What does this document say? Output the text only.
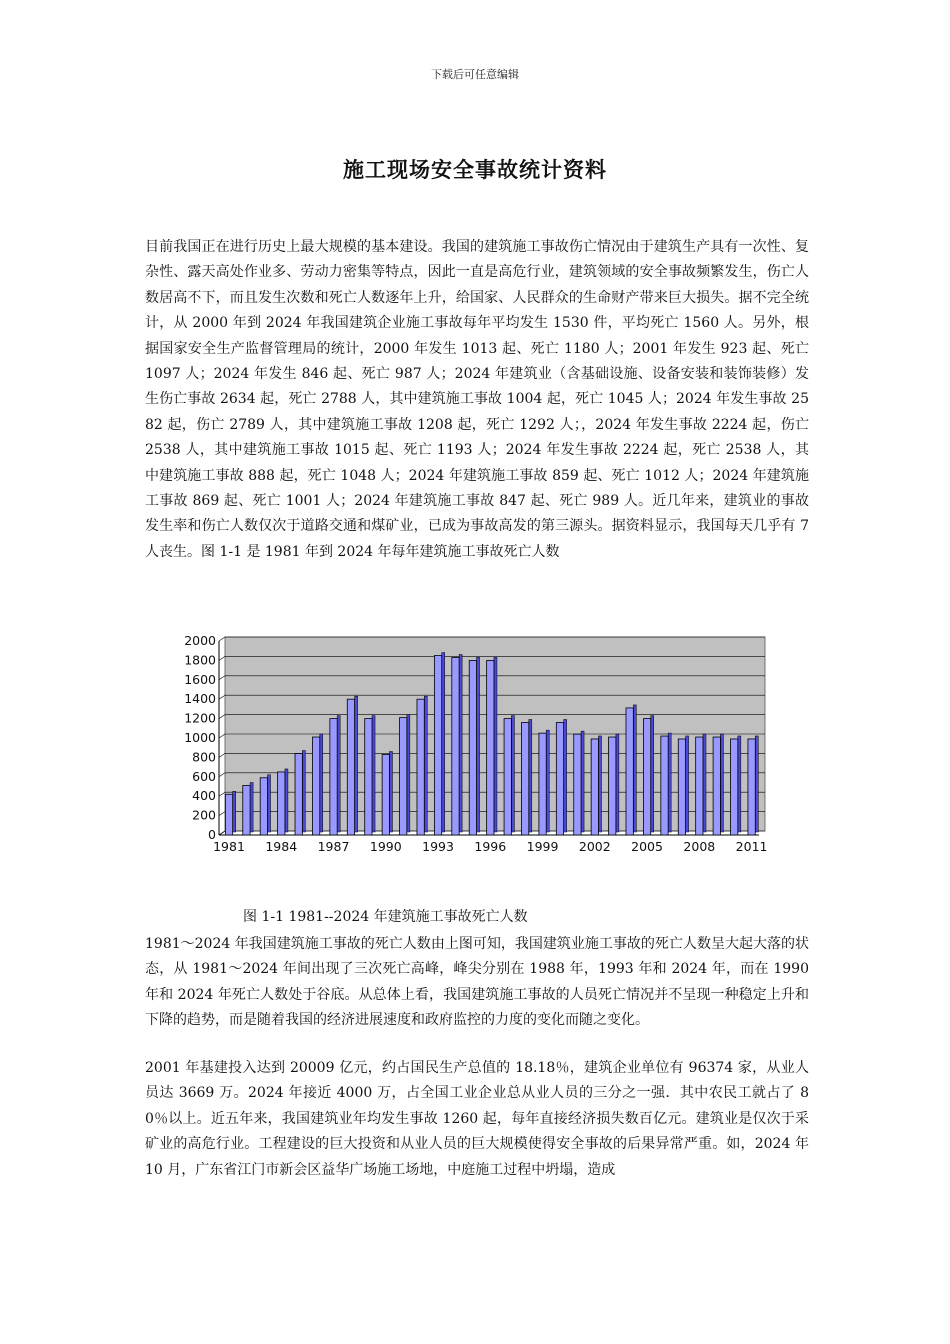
下载后可任意编辑
施工现场安全事故统计资料

目前我国正在进行历史上最大规模的基本建设。我国的建筑施工事故伤亡情况由于建筑生产具有一次性、复杂性、露天高处作业多、劳动力密集等特点，因此一直是高危行业，建筑领域的安全事故频繁发生，伤亡人数居高不下，而且发生次数和死亡人数逐年上升，给国家、人民群众的生命财产带来巨大损失。据不完全统计，从 2000 年到 2024 年我国建筑企业施工事故每年平均发生 1530 件，平均死亡 1560 人。另外，根据国家安全生产监督管理局的统计，2000 年发生 1013 起、死亡 1180 人；2001 年发生 923 起、死亡 1097 人；2024 年发生 846 起、死亡 987 人；2024 年建筑业（含基础设施、设备安装和装饰装修）发生伤亡事故 2634 起，死亡 2788 人，其中建筑施工事故 1004 起，死亡 1045 人；2024 年发生事故 2582 起，伤亡 2789 人，其中建筑施工事故 1208 起，死亡 1292 人；，2024 年发生事故 2224 起，伤亡 2538 人，其中建筑施工事故 1015 起、死亡 1193 人；2024 年发生事故 2224 起，死亡 2538 人，其中建筑施工事故 888 起，死亡 1048 人；2024 年建筑施工事故 859 起、死亡 1012 人；2024 年建筑施工事故 869 起、死亡 1001 人；2024 年建筑施工事故 847 起、死亡 989 人。近几年来，建筑业的事故发生率和伤亡人数仅次于道路交通和煤矿业，已成为事故高发的第三源头。据资料显示，我国每天几乎有 7 人丧生。图 1-1 是 1981 年到 2024 年每年建筑施工事故死亡人数

0
200
400
600
800
1000
1200
1400
1600
1800
2000
1981 1984 1987 1990 1993 1996 1999 2002 2005 2008 2011
图 1-1 1981--2024 年建筑施工事故死亡人数

1981～2024 年我国建筑施工事故的死亡人数由上图可知，我国建筑业施工事故的死亡人数呈大起大落的状态，从 1981～2024 年间出现了三次死亡高峰，峰尖分别在 1988 年，1993 年和 2024 年，而在 1990 年和 2024 年死亡人数处于谷底。从总体上看，我国建筑施工事故的人员死亡情况并不呈现一种稳定上升和下降的趋势，而是随着我国的经济进展速度和政府监控的力度的变化而随之变化。

2001 年基建投入达到 20009 亿元，约占国民生产总值的 18.18％，建筑企业单位有 96374 家，从业人员达 3669 万。2024 年接近 4000 万，占全国工业企业总从业人员的三分之一强．其中农民工就占了 80％以上。近五年来，我国建筑业年均发生事故 1260 起，每年直接经济损失数百亿元。建筑业是仅次于采矿业的高危行业。工程建设的巨大投资和从业人员的巨大规模使得安全事故的后果异常严重。如，2024 年 10 月，广东省江门市新会区益华广场施工场地，中庭施工过程中坍塌，造成
